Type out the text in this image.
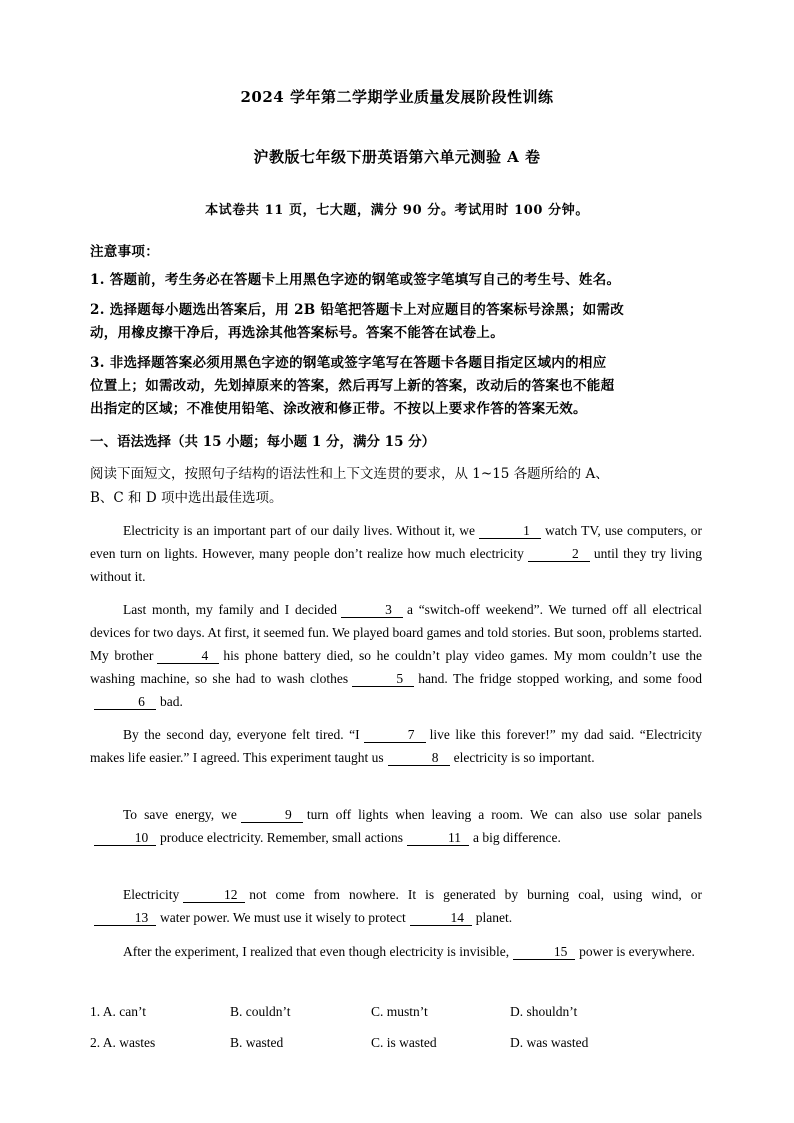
2024 学年第二学期学业质量发展阶段性训练
沪教版七年级下册英语第六单元测验 A 卷
本试卷共 11 页，七大题，满分 90 分。考试用时 100 分钟。
注意事项：
1. 答题前，考生务必在答题卡上用黑色字迹的钢笔或签字笔填写自己的考生号、姓名。
2. 选择题每小题选出答案后，用 2B 铅笔把答题卡上对应题目的答案标号涂黑；如需改
动，用橡皮擦干净后，再选涂其他答案标号。答案不能答在试卷上。
3. 非选择题答案必须用黑色字迹的钢笔或签字笔写在答题卡各题目指定区域内的相应
位置上；如需改动，先划掉原来的答案，然后再写上新的答案，改动后的答案也不能超
出指定的区域；不准使用铅笔、涂改液和修正带。不按以上要求作答的答案无效。
一、语法选择（共 15 小题；每小题 1 分，满分 15 分）
阅读下面短文，按照句子结构的语法性和上下文连贯的要求，从 1~15 各题所给的 A、
B、C 和 D 项中选出最佳选项。

Electricity is an important part of our daily lives. Without it, we	1 watch TV, use computers, or even turn on lights. However, many people don’t realize how much electricity	2 until they try living without it.

Last month, my family and I decided	3 a “switch-off weekend”. We turned off all electrical devices for two days. At first, it seemed fun. We played board games and told stories. But soon, problems started. My brother	4 his phone battery died, so he couldn’t play video games. My mom couldn’t use the washing machine, so she had to wash clothes	5 hand. The fridge stopped working, and some food6 bad.

By the second day, everyone felt tired. “I	7 live like this forever!” my dad said. “Electricity makes life easier.” I agreed. This experiment taught us	8 electricity is so important.

To save energy, we	9 turn off lights when leaving a room. We can also use solar panels10 produce electricity. Remember, small actions	11 a big difference.

Electricity	12 not come from nowhere. It is generated by burning coal, using wind, or13 water power. We must use it wisely to protect	14 planet.

After the experiment, I realized that even though electricity is invisible,	15 power is everywhere.

1. A. can’t	B. couldn’t	C. mustn’t	D. shouldn’t
2. A. wastes	B. wasted	C. is wasted	D. was wasted
